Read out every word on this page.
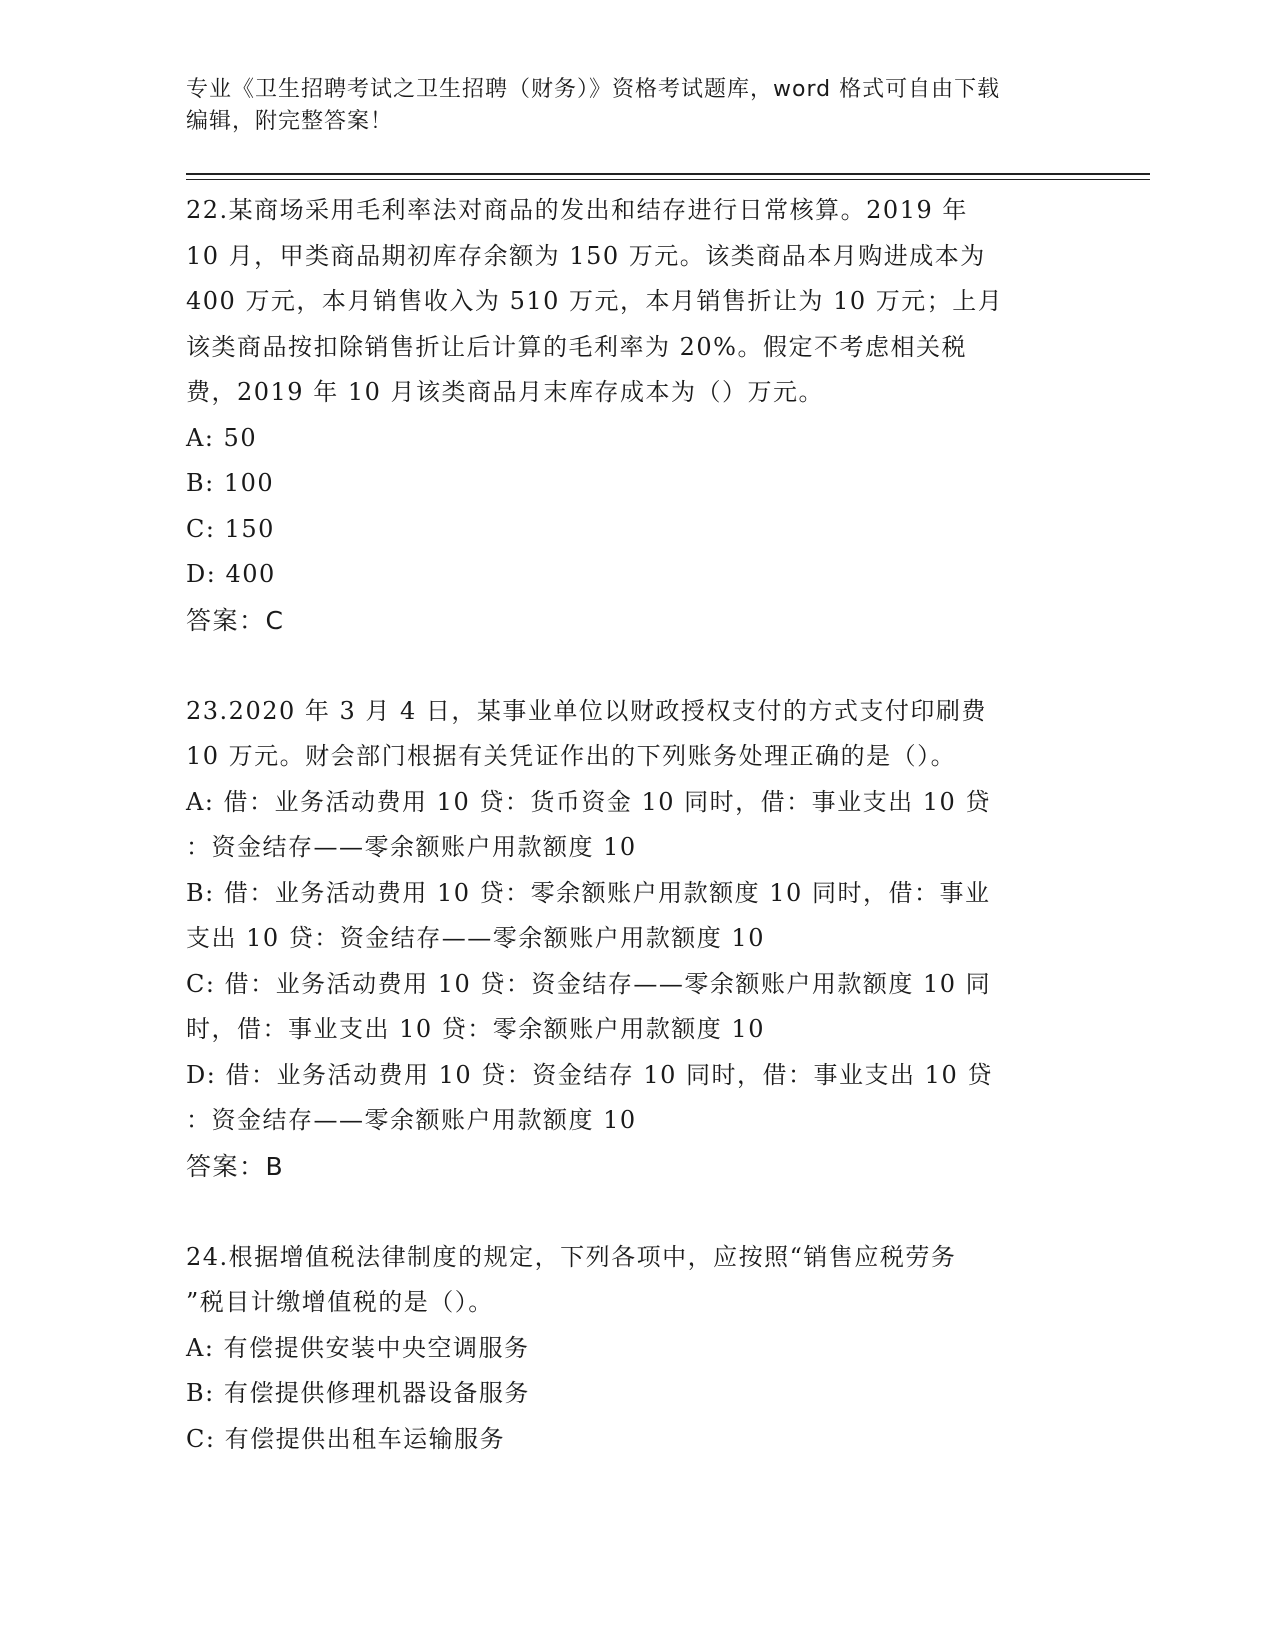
专业《卫生招聘考试之卫生招聘（财务）》资格考试题库，word 格式可自由下载
编辑，附完整答案！
22.某商场采用毛利率法对商品的发出和结存进行日常核算。2019 年
10 月，甲类商品期初库存余额为 150 万元。该类商品本月购进成本为
400 万元，本月销售收入为 510 万元，本月销售折让为 10 万元；上月
该类商品按扣除销售折让后计算的毛利率为 20%。假定不考虑相关税
费，2019 年 10 月该类商品月末库存成本为（）万元。
A: 50
B: 100
C: 150
D: 400
答案：C
23.2020 年 3 月 4 日，某事业单位以财政授权支付的方式支付印刷费
10 万元。财会部门根据有关凭证作出的下列账务处理正确的是（）。
A: 借：业务活动费用 10 贷：货币资金 10 同时，借：事业支出 10 贷
：资金结存——零余额账户用款额度 10
B: 借：业务活动费用 10 贷：零余额账户用款额度 10 同时，借：事业
支出 10 贷：资金结存——零余额账户用款额度 10
C: 借：业务活动费用 10 贷：资金结存——零余额账户用款额度 10 同
时，借：事业支出 10 贷：零余额账户用款额度 10
D: 借：业务活动费用 10 贷：资金结存 10 同时，借：事业支出 10 贷
：资金结存——零余额账户用款额度 10
答案：B
24.根据增值税法律制度的规定，下列各项中，应按照“销售应税劳务
”税目计缴增值税的是（）。
A: 有偿提供安装中央空调服务
B: 有偿提供修理机器设备服务
C: 有偿提供出租车运输服务
